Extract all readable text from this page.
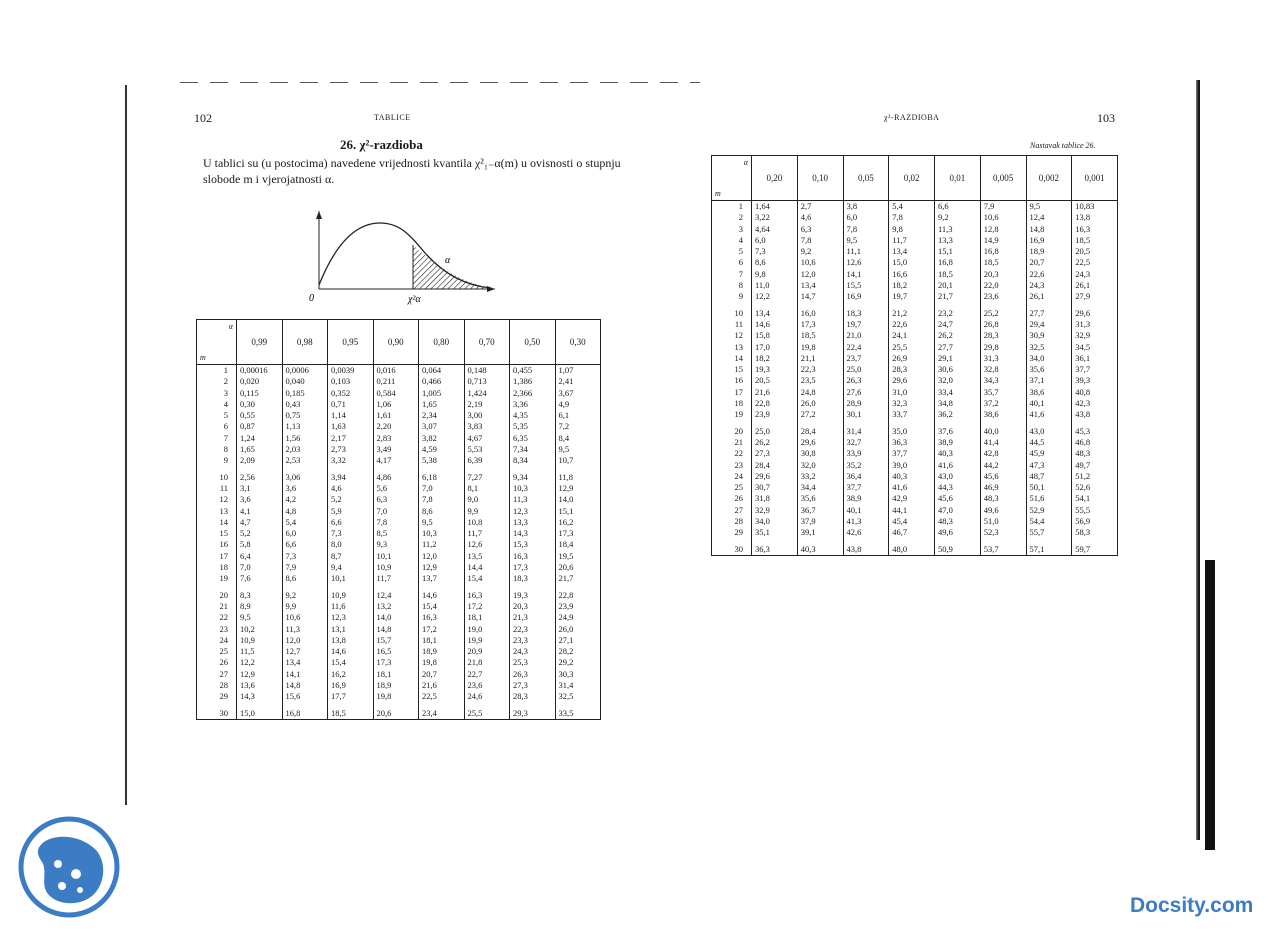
102	TABLICE
26. χ²-razdioba
U tablici su (u postocima) navedene vrijednosti kvantila χ²₁₋α(m) u ovisnosti o stupnju slobode m i vjerojatnosti α.
0
α
χ²α
α
m	0,99	0,98	0,95	0,90	0,80	0,70	0,50	0,30
1	0,00016	0,0006	0,0039	0,016	0,064	0,148	0,455	1,07
2	0,020	0,040	0,103	0,211	0,466	0,713	1,386	2,41
3	0,115	0,185	0,352	0,584	1,005	1,424	2,366	3,67
4	0,30	0,43	0,71	1,06	1,65	2,19	3,36	4,9
5	0,55	0,75	1,14	1,61	2,34	3,00	4,35	6,1
6	0,87	1,13	1,63	2,20	3,07	3,83	5,35	7,2
7	1,24	1,56	2,17	2,83	3,82	4,67	6,35	8,4
8	1,65	2,03	2,73	3,49	4,59	5,53	7,34	9,5
9	2,09	2,53	3,32	4,17	5,38	6,39	8,34	10,7
10	2,56	3,06	3,94	4,86	6,18	7,27	9,34	11,8
11	3,1	3,6	4,6	5,6	7,0	8,1	10,3	12,9
12	3,6	4,2	5,2	6,3	7,8	9,0	11,3	14,0
13	4,1	4,8	5,9	7,0	8,6	9,9	12,3	15,1
14	4,7	5,4	6,6	7,8	9,5	10,8	13,3	16,2
15	5,2	6,0	7,3	8,5	10,3	11,7	14,3	17,3
16	5,8	6,6	8,0	9,3	11,2	12,6	15,3	18,4
17	6,4	7,3	8,7	10,1	12,0	13,5	16,3	19,5
18	7,0	7,9	9,4	10,9	12,9	14,4	17,3	20,6
19	7,6	8,6	10,1	11,7	13,7	15,4	18,3	21,7
20	8,3	9,2	10,9	12,4	14,6	16,3	19,3	22,8
21	8,9	9,9	11,6	13,2	15,4	17,2	20,3	23,9
22	9,5	10,6	12,3	14,0	16,3	18,1	21,3	24,9
23	10,2	11,3	13,1	14,8	17,2	19,0	22,3	26,0
24	10,9	12,0	13,8	15,7	18,1	19,9	23,3	27,1
25	11,5	12,7	14,6	16,5	18,9	20,9	24,3	28,2
26	12,2	13,4	15,4	17,3	19,8	21,8	25,3	29,2
27	12,9	14,1	16,2	18,1	20,7	22,7	26,3	30,3
28	13,6	14,8	16,9	18,9	21,6	23,6	27,3	31,4
29	14,3	15,6	17,7	19,8	22,5	24,6	28,3	32,5
30	15,0	16,8	18,5	20,6	23,4	25,5	29,3	33,5
χ²-RAZDIOBA	103
Nastavak tablice 26.
α
m	0,20	0,10	0,05	0,02	0,01	0,005	0,002	0,001
1	1,64	2,7	3,8	5,4	6,6	7,9	9,5	10,83
2	3,22	4,6	6,0	7,8	9,2	10,6	12,4	13,8
3	4,64	6,3	7,8	9,8	11,3	12,8	14,8	16,3
4	6,0	7,8	9,5	11,7	13,3	14,9	16,9	18,5
5	7,3	9,2	11,1	13,4	15,1	16,8	18,9	20,5
6	8,6	10,6	12,6	15,0	16,8	18,5	20,7	22,5
7	9,8	12,0	14,1	16,6	18,5	20,3	22,6	24,3
8	11,0	13,4	15,5	18,2	20,1	22,0	24,3	26,1
9	12,2	14,7	16,9	19,7	21,7	23,6	26,1	27,9
10	13,4	16,0	18,3	21,2	23,2	25,2	27,7	29,6
11	14,6	17,3	19,7	22,6	24,7	26,8	29,4	31,3
12	15,8	18,5	21,0	24,1	26,2	28,3	30,9	32,9
13	17,0	19,8	22,4	25,5	27,7	29,8	32,5	34,5
14	18,2	21,1	23,7	26,9	29,1	31,3	34,0	36,1
15	19,3	22,3	25,0	28,3	30,6	32,8	35,6	37,7
16	20,5	23,5	26,3	29,6	32,0	34,3	37,1	39,3
17	21,6	24,8	27,6	31,0	33,4	35,7	38,6	40,8
18	22,8	26,0	28,9	32,3	34,8	37,2	40,1	42,3
19	23,9	27,2	30,1	33,7	36,2	38,6	41,6	43,8
20	25,0	28,4	31,4	35,0	37,6	40,0	43,0	45,3
21	26,2	29,6	32,7	36,3	38,9	41,4	44,5	46,8
22	27,3	30,8	33,9	37,7	40,3	42,8	45,9	48,3
23	28,4	32,0	35,2	39,0	41,6	44,2	47,3	49,7
24	29,6	33,2	36,4	40,3	43,0	45,6	48,7	51,2
25	30,7	34,4	37,7	41,6	44,3	46,9	50,1	52,6
26	31,8	35,6	38,9	42,9	45,6	48,3	51,6	54,1
27	32,9	36,7	40,1	44,1	47,0	49,6	52,9	55,5
28	34,0	37,9	41,3	45,4	48,3	51,0	54,4	56,9
29	35,1	39,1	42,6	46,7	49,6	52,3	55,7	58,3
30	36,3	40,3	43,8	48,0	50,9	53,7	57,1	59,7
Docsity.com
